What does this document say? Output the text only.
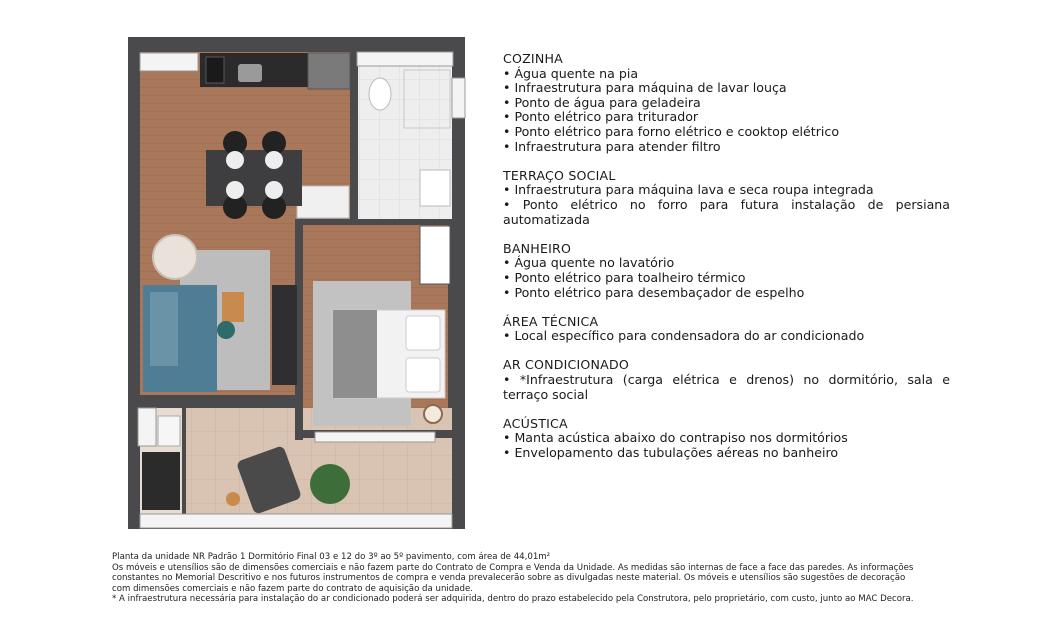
COZINHA
• Água quente na pia
• Infraestrutura para máquina de lavar louça
• Ponto de água para geladeira
• Ponto elétrico para triturador
• Ponto elétrico para forno elétrico e cooktop elétrico
• Infraestrutura para atender filtro
TERRAÇO SOCIAL
• Infraestrutura para máquina lava e seca roupa integrada
• Ponto elétrico no forro para futura instalação de persiana automatizada
BANHEIRO
• Água quente no lavatório
• Ponto elétrico para toalheiro térmico
• Ponto elétrico para desembaçador de espelho
ÁREA TÉCNICA
• Local específico para condensadora do ar condicionado
AR CONDICIONADO
• *Infraestrutura (carga elétrica e drenos) no dormitório, sala e terraço social
ACÚSTICA
• Manta acústica abaixo do contrapiso nos dormitórios
• Envelopamento das tubulações aéreas no banheiro
Planta da unidade NR Padrão 1 Dormitório Final 03 e 12 do 3º ao 5º pavimento, com área de 44,01m²
Os móveis e utensílios são de dimensões comerciais e não fazem parte do Contrato de Compra e Venda da Unidade. As medidas são internas de face a face das paredes. As informações
constantes no Memorial Descritivo e nos futuros instrumentos de compra e venda prevalecerão sobre as divulgadas neste material. Os móveis e utensílios são sugestões de decoração
com dimensões comerciais e não fazem parte do contrato de aquisição da unidade.
* A infraestrutura necessária para instalação do ar condicionado poderá ser adquirida, dentro do prazo estabelecido pela Construtora, pelo proprietário, com custo, junto ao MAC Decora.
